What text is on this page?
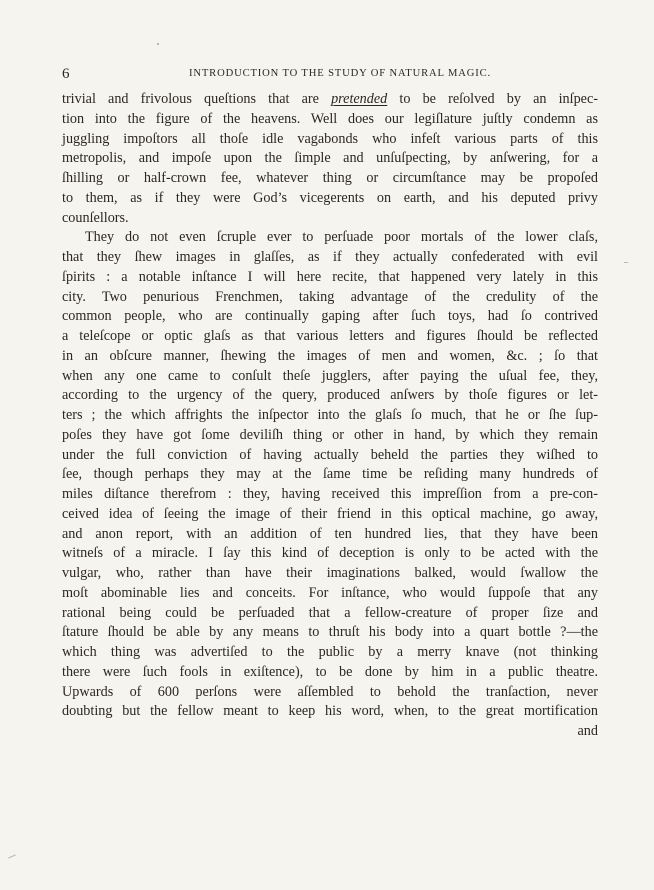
6	INTRODUCTION TO THE STUDY OF NATURAL MAGIC.
trivial and frivolous queſtions that are pretended to be reſolved by an inſpec-
tion into the figure of the heavens. Well does our legiſlature juſtly condemn as
juggling impoſtors all thoſe idle vagabonds who infeſt various parts of this
metropolis, and impoſe upon the ſimple and unſuſpecting, by anſwering, for a
ſhilling or half-crown fee, whatever thing or circumſtance may be propoſed
to them, as if they were God’s vicegerents on earth, and his deputed privy
counſellors.
They do not even ſcruple ever to perſuade poor mortals of the lower claſs,
that they ſhew images in glaſſes, as if they actually confederated with evil
ſpirits : a notable inſtance I will here recite, that happened very lately in this
city. Two penurious Frenchmen, taking advantage of the credulity of the
common people, who are continually gaping after ſuch toys, had ſo contrived
a teleſcope or optic glaſs as that various letters and figures ſhould be reflected
in an obſcure manner, ſhewing the images of men and women, &c. ; ſo that
when any one came to conſult theſe jugglers, after paying the uſual fee, they,
according to the urgency of the query, produced anſwers by thoſe figures or let-
ters ; the which affrights the inſpector into the glaſs ſo much, that he or ſhe ſup-
poſes they have got ſome deviliſh thing or other in hand, by which they remain
under the full conviction of having actually beheld the parties they wiſhed to
ſee, though perhaps they may at the ſame time be reſiding many hundreds of
miles diſtance therefrom : they, having received this impreſſion from a pre-con-
ceived idea of ſeeing the image of their friend in this optical machine, go away,
and anon report, with an addition of ten hundred lies, that they have been
witneſs of a miracle. I ſay this kind of deception is only to be acted with the
vulgar, who, rather than have their imaginations balked, would ſwallow the
moſt abominable lies and conceits. For inſtance, who would ſuppoſe that any
rational being could be perſuaded that a fellow-creature of proper ſize and
ſtature ſhould be able by any means to thruſt his body into a quart bottle ?—the
which thing was advertiſed to the public by a merry knave (not thinking
there were ſuch fools in exiſtence), to be done by him in a public theatre.
Upwards of 600 perſons were aſſembled to behold the tranſaction, never
doubting but the fellow meant to keep his word, when, to the great mortification
and
